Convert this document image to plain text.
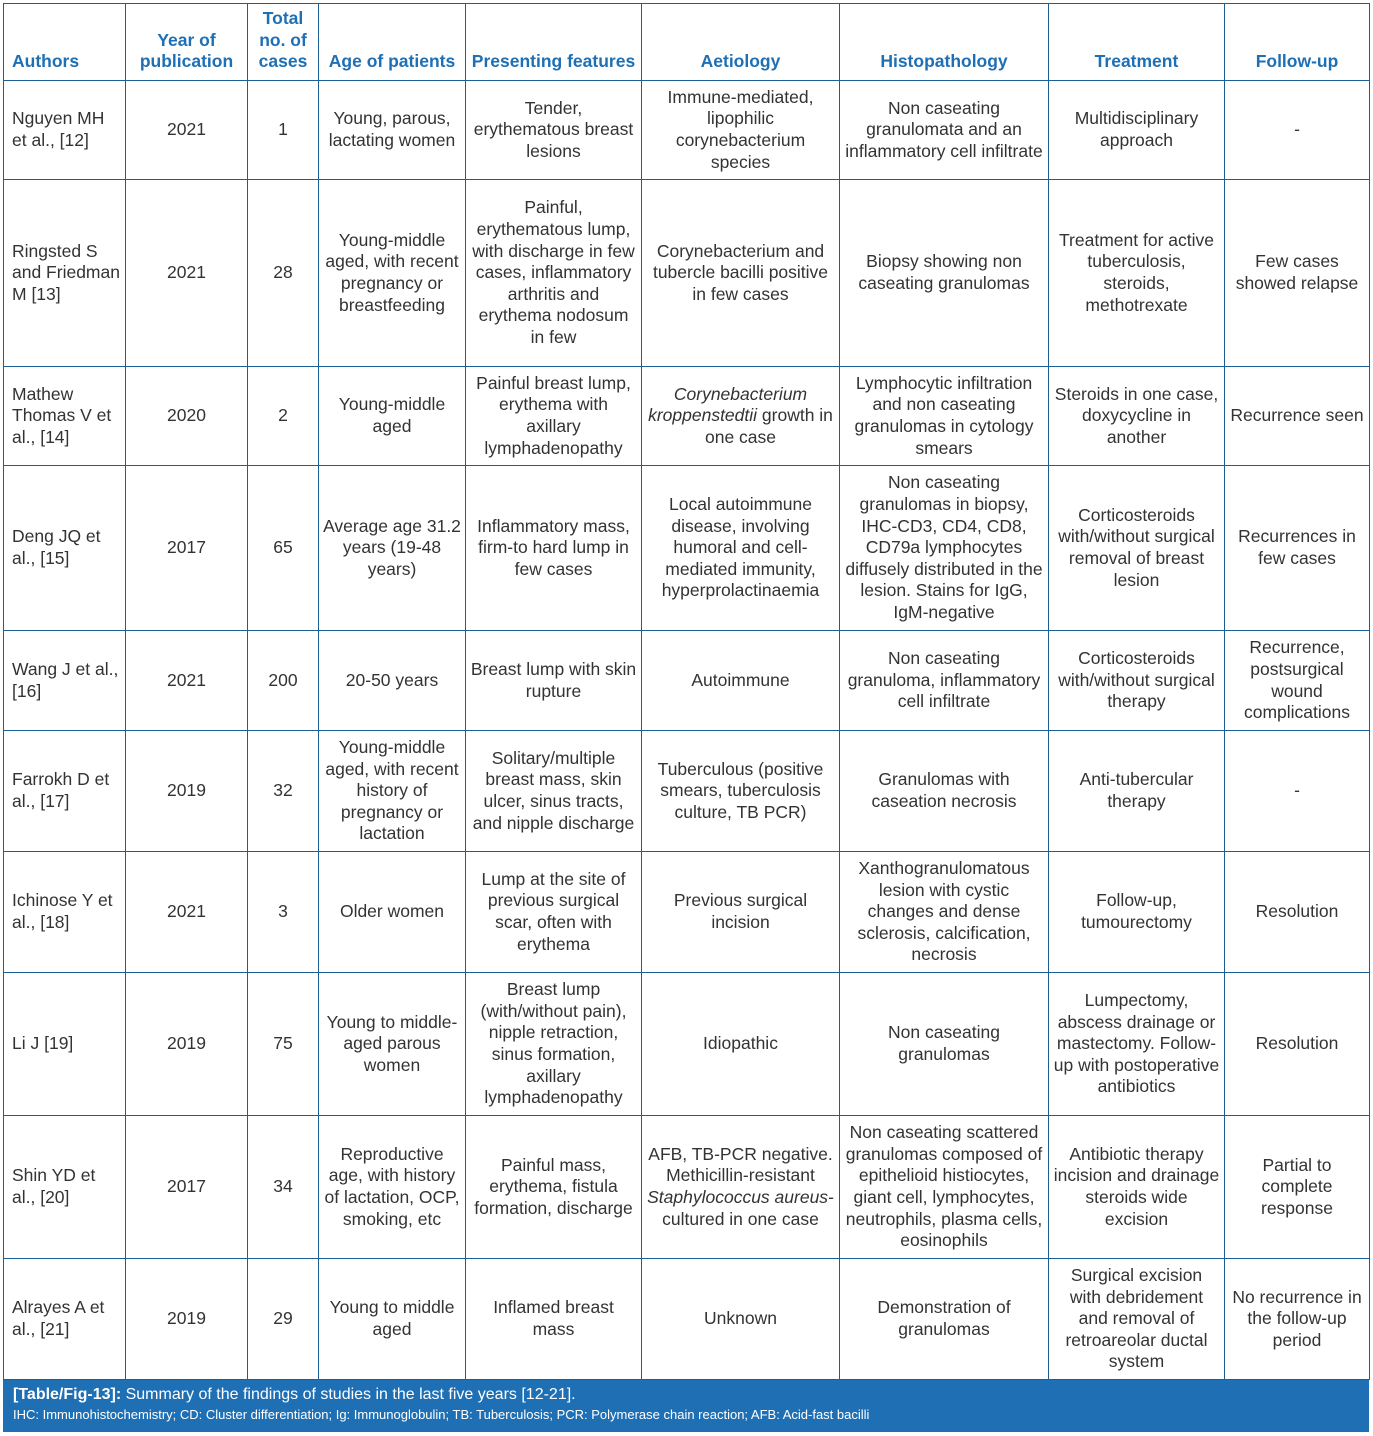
Authors	Year of publication	Total no. of cases	Age of patients	Presenting features	Aetiology	Histopathology	Treatment	Follow-up
Nguyen MH et al., [12]	2021	1	Young, parous, lactating women	Tender, erythematous breast lesions	Immune-mediated, lipophilic corynebacterium species	Non caseating granulomata and an inflammatory cell infiltrate	Multidisciplinary approach	-
Ringsted S and Friedman M [13]	2021	28	Young-middle aged, with recent pregnancy or breastfeeding	Painful, erythematous lump, with discharge in few cases, inflammatory arthritis and erythema nodosum in few	Corynebacterium and tubercle bacilli positive in few cases	Biopsy showing non caseating granulomas	Treatment for active tuberculosis, steroids, methotrexate	Few cases showed relapse
Mathew Thomas V et al., [14]	2020	2	Young-middle aged	Painful breast lump, erythema with axillary lymphadenopathy	Corynebacterium kroppenstedtii growth in one case	Lymphocytic infiltration and non caseating granulomas in cytology smears	Steroids in one case, doxycycline in another	Recurrence seen
Deng JQ et al., [15]	2017	65	Average age 31.2 years (19-48 years)	Inflammatory mass, firm-to hard lump in few cases	Local autoimmune disease, involving humoral and cell-mediated immunity, hyperprolactinaemia	Non caseating granulomas in biopsy, IHC-CD3, CD4, CD8, CD79a lymphocytes diffusely distributed in the lesion. Stains for IgG, IgM-negative	Corticosteroids with/without surgical removal of breast lesion	Recurrences in few cases
Wang J et al., [16]	2021	200	20-50 years	Breast lump with skin rupture	Autoimmune	Non caseating granuloma, inflammatory cell infiltrate	Corticosteroids with/without surgical therapy	Recurrence, postsurgical wound complications
Farrokh D et al., [17]	2019	32	Young-middle aged, with recent history of pregnancy or lactation	Solitary/multiple breast mass, skin ulcer, sinus tracts, and nipple discharge	Tuberculous (positive smears, tuberculosis culture, TB PCR)	Granulomas with caseation necrosis	Anti-tubercular therapy	-
Ichinose Y et al., [18]	2021	3	Older women	Lump at the site of previous surgical scar, often with erythema	Previous surgical incision	Xanthogranulomatous lesion with cystic changes and dense sclerosis, calcification, necrosis	Follow-up, tumourectomy	Resolution
Li J [19]	2019	75	Young to middle-aged parous women	Breast lump (with/without pain), nipple retraction, sinus formation, axillary lymphadenopathy	Idiopathic	Non caseating granulomas	Lumpectomy, abscess drainage or mastectomy. Follow-up with postoperative antibiotics	Resolution
Shin YD et al., [20]	2017	34	Reproductive age, with history of lactation, OCP, smoking, etc	Painful mass, erythema, fistula formation, discharge	AFB, TB-PCR negative. Methicillin-resistant Staphylococcus aureus-cultured in one case	Non caseating scattered granulomas composed of epithelioid histiocytes, giant cell, lymphocytes, neutrophils, plasma cells, eosinophils	Antibiotic therapy incision and drainage steroids wide excision	Partial to complete response
Alrayes A et al., [21]	2019	29	Young to middle aged	Inflamed breast mass	Unknown	Demonstration of granulomas	Surgical excision with debridement and removal of retroareolar ductal system	No recurrence in the follow-up period
[Table/Fig-13]: Summary of the findings of studies in the last five years [12-21].
IHC: Immunohistochemistry; CD: Cluster differentiation; Ig: Immunoglobulin; TB: Tuberculosis; PCR: Polymerase chain reaction; AFB: Acid-fast bacilli
